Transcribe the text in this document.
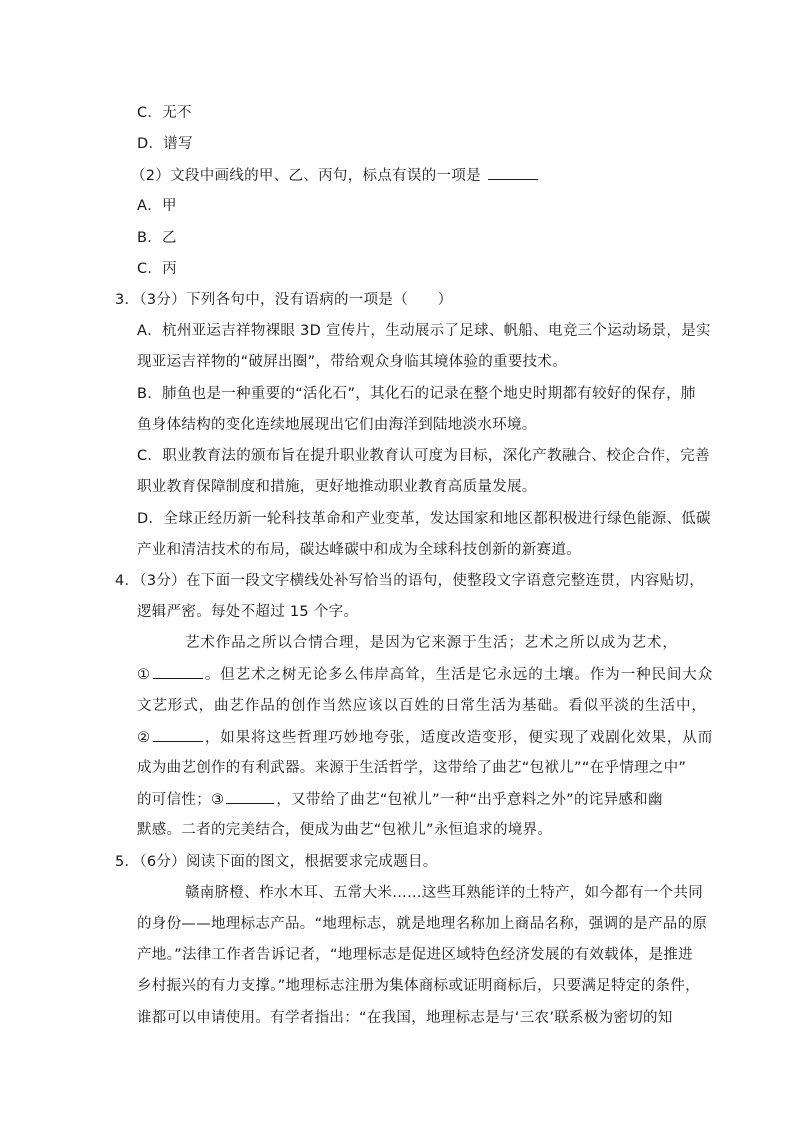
C．无不
D．谱写
（2）文段中画线的甲、乙、丙句，标点有误的一项是
A．甲
B．乙
C．丙
3．（3分）下列各句中，没有语病的一项是（　　）
A．杭州亚运吉祥物裸眼 3D 宣传片，生动展示了足球、帆船、电竞三个运动场景，是实
现亚运吉祥物的“破屏出圈”，带给观众身临其境体验的重要技术。
B．肺鱼也是一种重要的“活化石”，其化石的记录在整个地史时期都有较好的保存，肺
鱼身体结构的变化连续地展现出它们由海洋到陆地淡水环境。
C．职业教育法的颁布旨在提升职业教育认可度为目标，深化产教融合、校企合作，完善
职业教育保障制度和措施，更好地推动职业教育高质量发展。
D．全球正经历新一轮科技革命和产业变革，发达国家和地区都积极进行绿色能源、低碳
产业和清洁技术的布局，碳达峰碳中和成为全球科技创新的新赛道。
4．（3分）在下面一段文字横线处补写恰当的语句，使整段文字语意完整连贯，内容贴切，
逻辑严密。每处不超过 15 个字。
艺术作品之所以合情合理，是因为它来源于生活；艺术之所以成为艺术，
①	。但艺术之树无论多么伟岸高耸，生活是它永远的土壤。作为一种民间大众
文艺形式，曲艺作品的创作当然应该以百姓的日常生活为基础。看似平淡的生活中，
②	，如果将这些哲理巧妙地夸张，适度改造变形，便实现了戏剧化效果，从而
成为曲艺创作的有利武器。来源于生活哲学，这带给了曲艺“包袱儿”“在乎情理之中”
的可信性；③	，又带给了曲艺“包袱儿”一种“出乎意料之外”的诧异感和幽
默感。二者的完美结合，便成为曲艺“包袱儿”永恒追求的境界。
5．（6分）阅读下面的图文，根据要求完成题目。
赣南脐橙、柞水木耳、五常大米……这些耳熟能详的土特产，如今都有一个共同
的身份——地理标志产品。“地理标志，就是地理名称加上商品名称，强调的是产品的原
产地。”法律工作者告诉记者，“地理标志是促进区域特色经济发展的有效载体，是推进
乡村振兴的有力支撑。”地理标志注册为集体商标或证明商标后，只要满足特定的条件，
谁都可以申请使用。有学者指出：“在我国，地理标志是与‘三农’联系极为密切的知
